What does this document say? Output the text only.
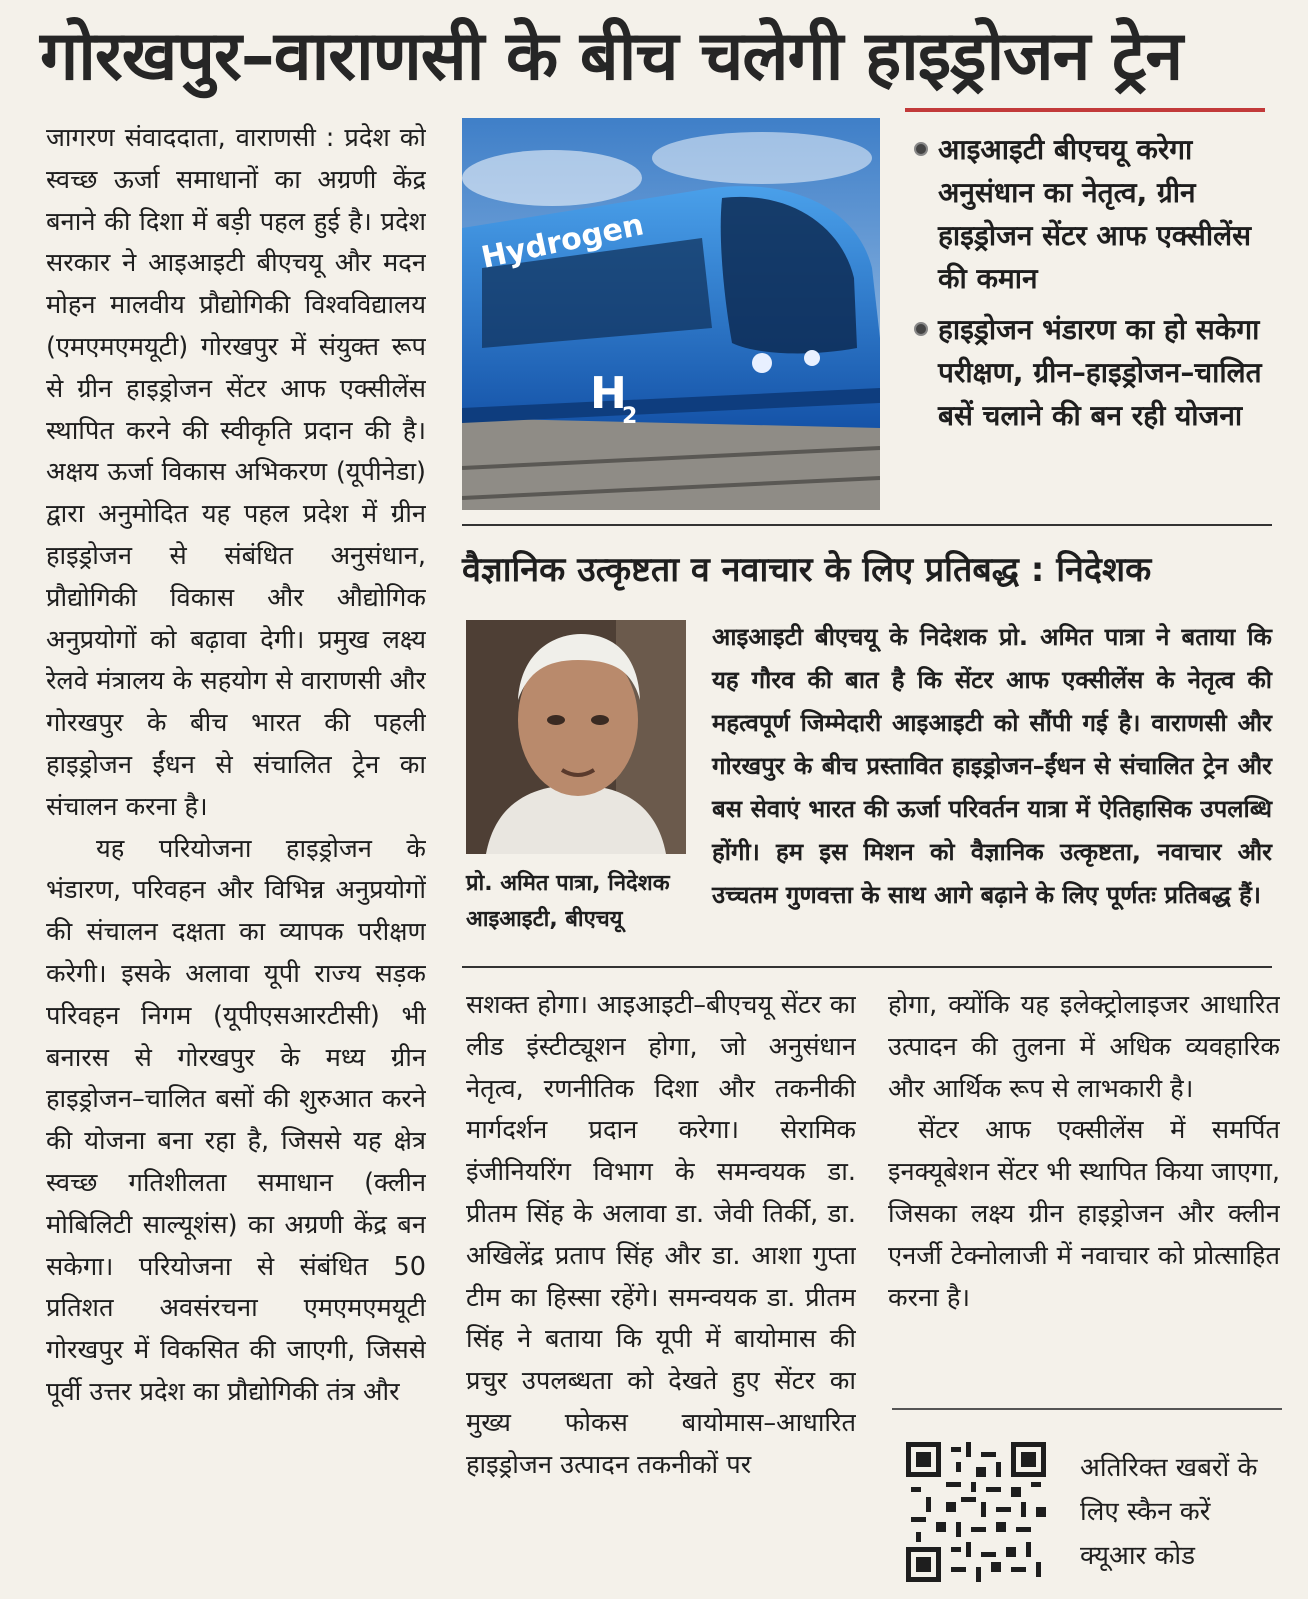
गोरखपुर–वाराणसी के बीच चलेगी हाइड्रोजन ट्रेन

जागरण संवाददाता, वाराणसी : प्रदेश को स्वच्छ ऊर्जा समाधानों का अग्रणी केंद्र बनाने की दिशा में बड़ी पहल हुई है। प्रदेश सरकार ने आइआइटी बीएचयू और मदन मोहन मालवीय प्रौद्योगिकी विश्वविद्यालय (एमएमएमयूटी) गोरखपुर में संयुक्त रूप से ग्रीन हाइड्रोजन सेंटर आफ एक्सीलेंस स्थापित करने की स्वीकृति प्रदान की है। अक्षय ऊर्जा विकास अभिकरण (यूपीनेडा) द्वारा अनुमोदित यह पहल प्रदेश में ग्रीन हाइड्रोजन से संबंधित अनुसंधान, प्रौद्योगिकी विकास और औद्योगिक अनुप्रयोगों को बढ़ावा देगी। प्रमुख लक्ष्य रेलवे मंत्रालय के सहयोग से वाराणसी और गोरखपुर के बीच भारत की पहली हाइड्रोजन ईंधन से संचालित ट्रेन का संचालन करना है।

यह परियोजना हाइड्रोजन के भंडारण, परिवहन और विभिन्न अनुप्रयोगों की संचालन दक्षता का व्यापक परीक्षण करेगी। इसके अलावा यूपी राज्य सड़क परिवहन निगम (यूपीएसआरटीसी) भी बनारस से गोरखपुर के मध्य ग्रीन हाइड्रोजन–चालित बसों की शुरुआत करने की योजना बना रहा है, जिससे यह क्षेत्र स्वच्छ गतिशीलता समाधान (क्लीन मोबिलिटी साल्यूशंस) का अग्रणी केंद्र बन सकेगा। परियोजना से संबंधित 50 प्रतिशत अवसंरचना एमएमएमयूटी गोरखपुर में विकसित की जाएगी, जिससे पूर्वी उत्तर प्रदेश का प्रौद्योगिकी तंत्र और

Hydrogen
H
2
आइआइटी बीएचयू करेगा अनुसंधान का नेतृत्व, ग्रीन हाइड्रोजन सेंटर आफ एक्सीलेंस की कमान
हाइड्रोजन भंडारण का हो सकेगा परीक्षण, ग्रीन–हाइड्रोजन–चालित बसें चलाने की बन रही योजना
वैज्ञानिक उत्कृष्टता व नवाचार के लिए प्रतिबद्ध : निदेशक
प्रो. अमित पात्रा, निदेशक
आइआइटी, बीएचयू
आइआइटी बीएचयू के निदेशक प्रो. अमित पात्रा ने बताया कि यह गौरव की बात है कि सेंटर आफ एक्सीलेंस के नेतृत्व की महत्वपूर्ण जिम्मेदारी आइआइटी को सौंपी गई है। वाराणसी और गोरखपुर के बीच प्रस्तावित हाइड्रोजन–ईंधन से संचालित ट्रेन और बस सेवाएं भारत की ऊर्जा परिवर्तन यात्रा में ऐतिहासिक उपलब्धि होंगी। हम इस मिशन को वैज्ञानिक उत्कृष्टता, नवाचार और उच्चतम गुणवत्ता के साथ आगे बढ़ाने के लिए पूर्णतः प्रतिबद्ध हैं।

सशक्त होगा। आइआइटी–बीएचयू सेंटर का लीड इंस्टीट्यूशन होगा, जो अनुसंधान नेतृत्व, रणनीतिक दिशा और तकनीकी मार्गदर्शन प्रदान करेगा। सेरामिक इंजीनियरिंग विभाग के समन्वयक डा. प्रीतम सिंह के अलावा डा. जेवी तिर्की, डा. अखिलेंद्र प्रताप सिंह और डा. आशा गुप्ता टीम का हिस्सा रहेंगे। समन्वयक डा. प्रीतम सिंह ने बताया कि यूपी में बायोमास की प्रचुर उपलब्धता को देखते हुए सेंटर का मुख्य फोकस बायोमास–आधारित हाइड्रोजन उत्पादन तकनीकों पर

होगा, क्योंकि यह इलेक्ट्रोलाइजर आधारित उत्पादन की तुलना में अधिक व्यवहारिक और आर्थिक रूप से लाभकारी है।

सेंटर आफ एक्सीलेंस में समर्पित इनक्यूबेशन सेंटर भी स्थापित किया जाएगा, जिसका लक्ष्य ग्रीन हाइड्रोजन और क्लीन एनर्जी टेक्नोलाजी में नवाचार को प्रोत्साहित करना है।

अतिरिक्त खबरों के लिए स्कैन करें क्यूआर कोड
